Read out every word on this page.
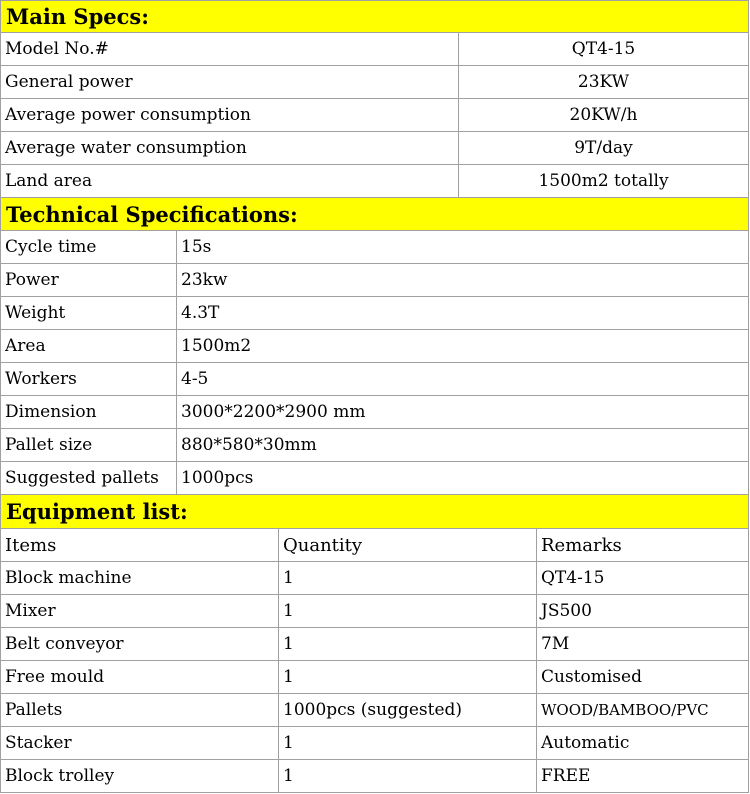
Main Specs:
Model No.#	QT4-15
General power	23KW
Average power consumption	20KW/h
Average water consumption	9T/day
Land area	1500m2 totally
Technical Specifications:
Cycle time	15s
Power	23kw
Weight	4.3T
Area	1500m2
Workers	4-5
Dimension	3000*2200*2900 mm
Pallet size	880*580*30mm
Suggested pallets	1000pcs
Equipment list:
Items	Quantity	Remarks
Block machine	1	QT4-15
Mixer	1	JS500
Belt conveyor	1	7M
Free mould	1	Customised
Pallets	1000pcs (suggested)	WOOD/BAMBOO/PVC
Stacker	1	Automatic
Block trolley	1	FREE
